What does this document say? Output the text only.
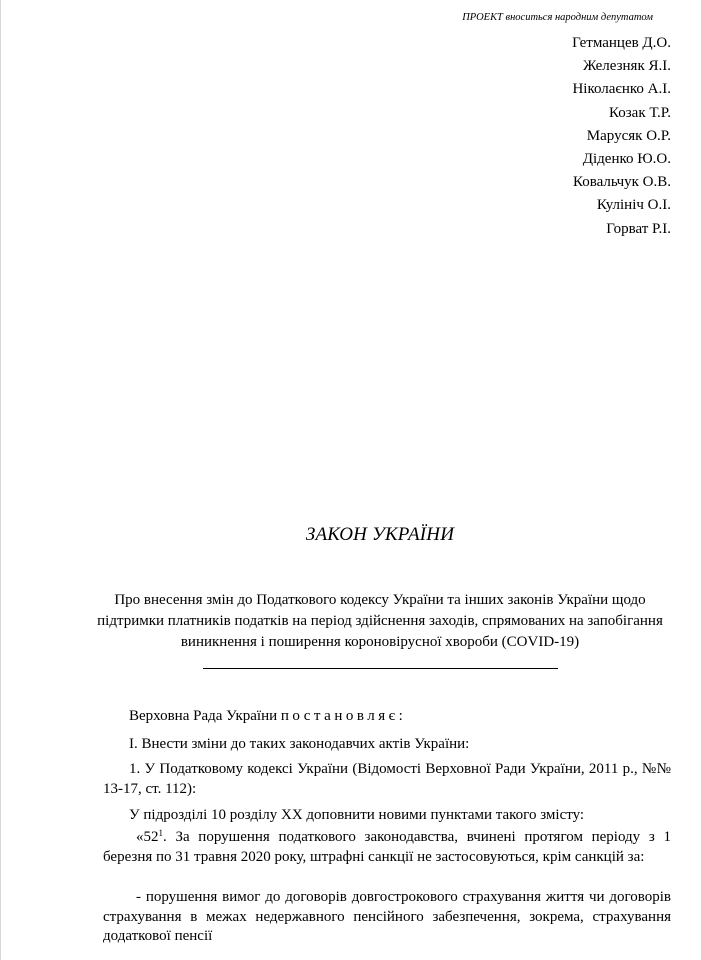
ПРОЕКТ вноситься народним депутатом
Гетманцев Д.О.
Железняк Я.І.
Ніколаєнко А.І.
Козак Т.Р.
Марусяк О.Р.
Діденко Ю.О.
Ковальчук О.В.
Кулініч О.І.
Горват Р.І.
ЗАКОН УКРАЇНИ
Про внесення змін до Податкового кодексу України та інших законів України щодо підтримки платників податків на період здійснення заходів, спрямованих на запобігання виникнення і поширення короновірусної хвороби (COVID-19)
Верховна Рада України постановляє:
І. Внести зміни до таких законодавчих актів України:
1. У Податковому кодексі України (Відомості Верховної Ради України, 2011 р., №№ 13-17, ст. 112):
У підрозділі 10 розділу XX доповнити новими пунктами такого змісту:
«$52^1$. За порушення податкового законодавства, вчинені протягом періоду з 1 березня по 31 травня 2020 року, штрафні санкції не застосовуються, крім санкцій за:
- порушення вимог до договорів довгострокового страхування життя чи договорів страхування в межах недержавного пенсійного забезпечення, зокрема, страхування додаткової пенсії
